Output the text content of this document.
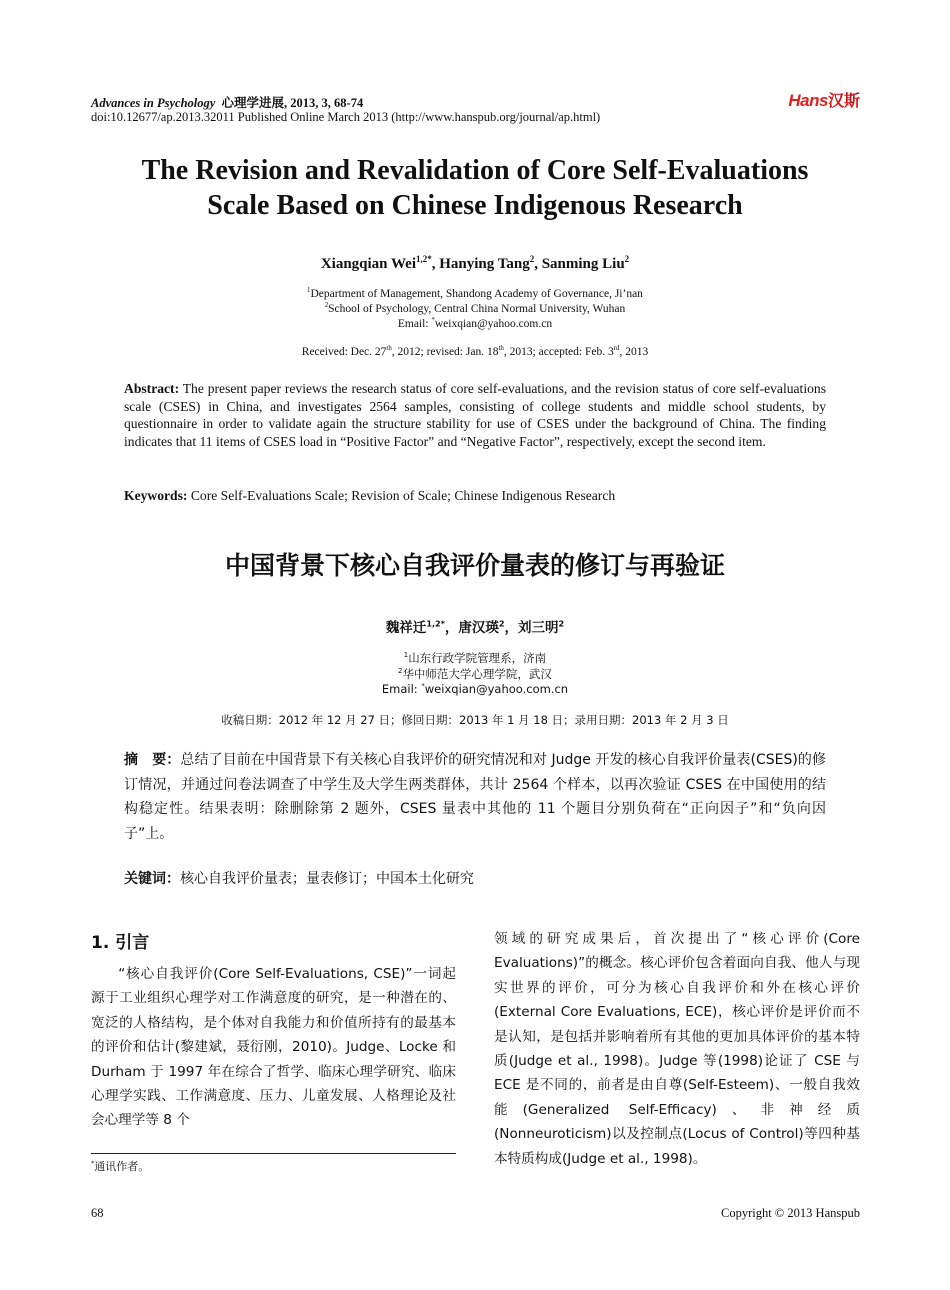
Advances in Psychology 心理学进展, 2013, 3, 68-74
doi:10.12677/ap.2013.32011 Published Online March 2013 (http://www.hanspub.org/journal/ap.html)
Hans汉斯
The Revision and Revalidation of Core Self-Evaluations
Scale Based on Chinese Indigenous Research
Xiangqian Wei$^{1,2*}$, Hanying Tang$^2$, Sanming Liu$^2$
$^1$Department of Management, Shandong Academy of Governance, Ji’nan
$^2$School of Psychology, Central China Normal University, Wuhan
Email: *weixqian@yahoo.com.cn
Received: Dec. 27th, 2012; revised: Jan. 18th, 2013; accepted: Feb. 3rd, 2013
Abstract: The present paper reviews the research status of core self-evaluations, and the revision status of core self-evaluations scale (CSES) in China, and investigates 2564 samples, consisting of college students and middle school students, by questionnaire in order to validate again the structure stability for use of CSES under the background of China. The finding indicates that 11 items of CSES load in “Positive Factor” and “Negative Factor”, respectively, except the second item.
Keywords: Core Self-Evaluations Scale; Revision of Scale; Chinese Indigenous Research
中国背景下核心自我评价量表的修订与再验证
魏祥迁$^{1,2*}$，唐汉瑛$^2$，刘三明$^2$
$^1$山东行政学院管理系，济南
$^2$华中师范大学心理学院，武汉
Email: *weixqian@yahoo.com.cn
收稿日期：2012 年 12 月 27 日；修回日期：2013 年 1 月 18 日；录用日期：2013 年 2 月 3 日
摘　要：总结了目前在中国背景下有关核心自我评价的研究情况和对 Judge 开发的核心自我评价量表(CSES)的修订情况，并通过问卷法调查了中学生及大学生两类群体，共计 2564 个样本，以再次验证 CSES 在中国使用的结构稳定性。结果表明：除删除第 2 题外，CSES 量表中其他的 11 个题目分别负荷在“正向因子”和“负向因子”上。
关键词：核心自我评价量表；量表修订；中国本土化研究
1. 引言

“核心自我评价(Core Self-Evaluations, CSE)”一词起源于工业组织心理学对工作满意度的研究，是一种潜在的、宽泛的人格结构，是个体对自我能力和价值所持有的最基本的评价和估计(黎建斌，聂衍刚，2010)。Judge、Locke 和 Durham 于 1997 年在综合了哲学、临床心理学研究、临床心理学实践、工作满意度、压力、儿童发展、人格理论及社会心理学等 8 个

领域的研究成果后，首次提出了“核心评价(Core Evaluations)”的概念。核心评价包含着面向自我、他人与现实世界的评价，可分为核心自我评价和外在核心评价(External Core Evaluations, ECE)，核心评价是评价而不是认知，是包括并影响着所有其他的更加具体评价的基本特质(Judge et al., 1998)。Judge 等(1998)论证了 CSE 与 ECE 是不同的，前者是由自尊(Self-Esteem)、一般自我效能(Generalized Self-Efficacy)、非神经质(Nonneuroticism)以及控制点(Locus of Control)等四种基本特质构成(Judge et al., 1998)。

*通讯作者。
68	Copyright © 2013 Hanspub
